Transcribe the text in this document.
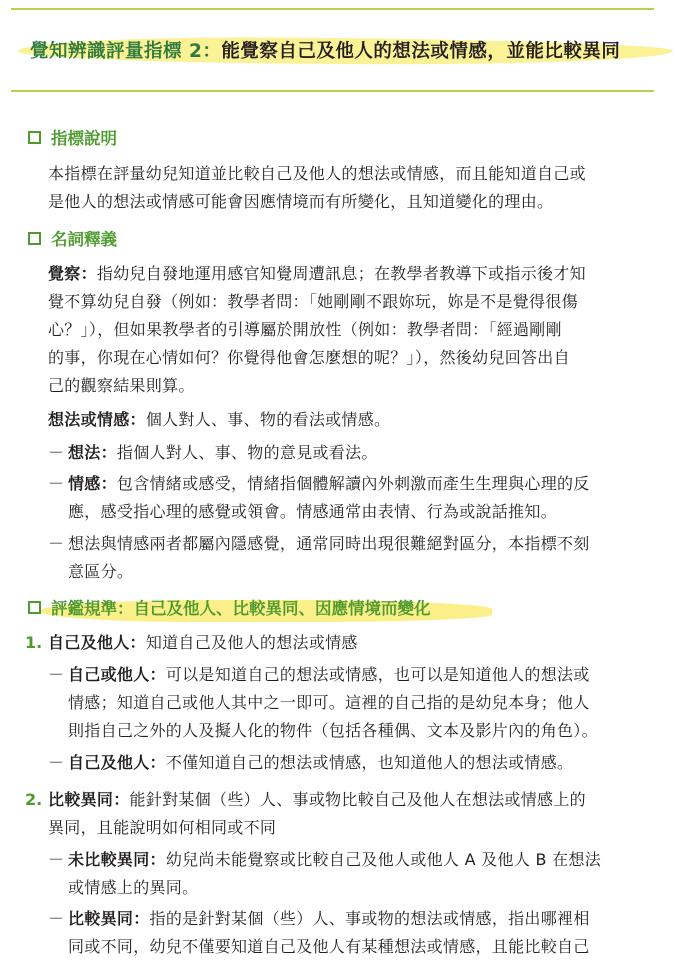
覺知辨識評量指標 2：能覺察自己及他人的想法或情感，並能比較異同
指標說明
本指標在評量幼兒知道並比較自己及他人的想法或情感，而且能知道自己或
是他人的想法或情感可能會因應情境而有所變化，且知道變化的理由。
名詞釋義
覺察：指幼兒自發地運用感官知覺周遭訊息；在教學者教導下或指示後才知
覺不算幼兒自發（例如：教學者問：「她剛剛不跟妳玩，妳是不是覺得很傷
心？」），但如果教學者的引導屬於開放性（例如：教學者問：「經過剛剛
的事，你現在心情如何？你覺得他會怎麼想的呢？」），然後幼兒回答出自
己的觀察結果則算。
想法或情感：個人對人、事、物的看法或情感。
－ 想法：指個人對人、事、物的意見或看法。
－ 情感：包含情緒或感受，情緒指個體解讀內外刺激而產生生理與心理的反
應，感受指心理的感覺或領會。情感通常由表情、行為或說話推知。
－ 想法與情感兩者都屬內隱感覺，通常同時出現很難絕對區分，本指標不刻
意區分。
評鑑規準：自己及他人、比較異同、因應情境而變化
1. 自己及他人：知道自己及他人的想法或情感
－ 自己或他人：可以是知道自己的想法或情感，也可以是知道他人的想法或
情感；知道自己或他人其中之一即可。這裡的自己指的是幼兒本身；他人
則指自己之外的人及擬人化的物件（包括各種偶、文本及影片內的角色）。
－ 自己及他人：不僅知道自己的想法或情感，也知道他人的想法或情感。
2. 比較異同：能針對某個（些）人、事或物比較自己及他人在想法或情感上的
異同，且能說明如何相同或不同
－ 未比較異同：幼兒尚未能覺察或比較自己及他人或他人 A 及他人 B 在想法
或情感上的異同。
－ 比較異同：指的是針對某個（些）人、事或物的想法或情感，指出哪裡相
同或不同，幼兒不僅要知道自己及他人有某種想法或情感，且能比較自己
